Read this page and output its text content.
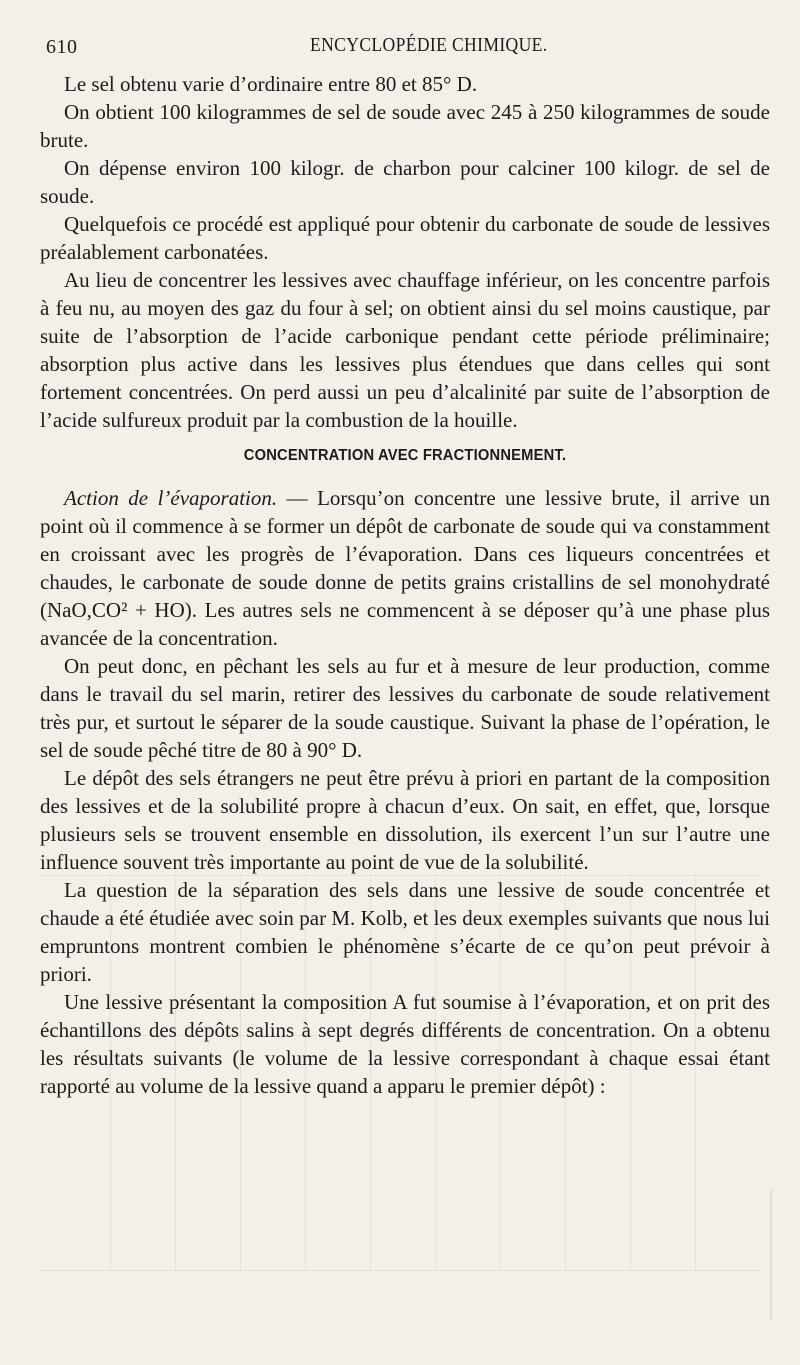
610	ENCYCLOPÉDIE CHIMIQUE.

Le sel obtenu varie d’ordinaire entre 80 et 85° D.

On obtient 100 kilogrammes de sel de soude avec 245 à 250 kilogrammes de soude brute.

On dépense environ 100 kilogr. de charbon pour calciner 100 kilogr. de sel de soude.

Quelquefois ce procédé est appliqué pour obtenir du carbonate de soude de lessives préalablement carbonatées.

Au lieu de concentrer les lessives avec chauffage inférieur, on les concentre parfois à feu nu, au moyen des gaz du four à sel; on obtient ainsi du sel moins caustique, par suite de l’absorption de l’acide carbonique pendant cette période préliminaire; absorption plus active dans les lessives plus étendues que dans celles qui sont fortement concentrées. On perd aussi un peu d’alcalinité par suite de l’absorption de l’acide sulfureux produit par la combustion de la houille.

CONCENTRATION AVEC FRACTIONNEMENT.

Action de l’évaporation. — Lorsqu’on concentre une lessive brute, il arrive un point où il commence à se former un dépôt de carbonate de soude qui va constamment en croissant avec les progrès de l’évaporation. Dans ces liqueurs concentrées et chaudes, le carbonate de soude donne de petits grains cristallins de sel monohydraté (NaO,CO² + HO). Les autres sels ne commencent à se déposer qu’à une phase plus avancée de la concentration.

On peut donc, en pêchant les sels au fur et à mesure de leur production, comme dans le travail du sel marin, retirer des lessives du carbonate de soude relativement très pur, et surtout le séparer de la soude caustique. Suivant la phase de l’opération, le sel de soude pêché titre de 80 à 90° D.

Le dépôt des sels étrangers ne peut être prévu à priori en partant de la composition des lessives et de la solubilité propre à chacun d’eux. On sait, en effet, que, lorsque plusieurs sels se trouvent ensemble en dissolution, ils exercent l’un sur l’autre une influence souvent très importante au point de vue de la solubilité.

La question de la séparation des sels dans une lessive de soude concentrée et chaude a été étudiée avec soin par M. Kolb, et les deux exemples suivants que nous lui empruntons montrent combien le phénomène s’écarte de ce qu’on peut prévoir à priori.

Une lessive présentant la composition A fut soumise à l’évaporation, et on prit des échantillons des dépôts salins à sept degrés différents de concentration. On a obtenu les résultats suivants (le volume de la lessive correspondant à chaque essai étant rapporté au volume de la lessive quand a apparu le premier dépôt) :
